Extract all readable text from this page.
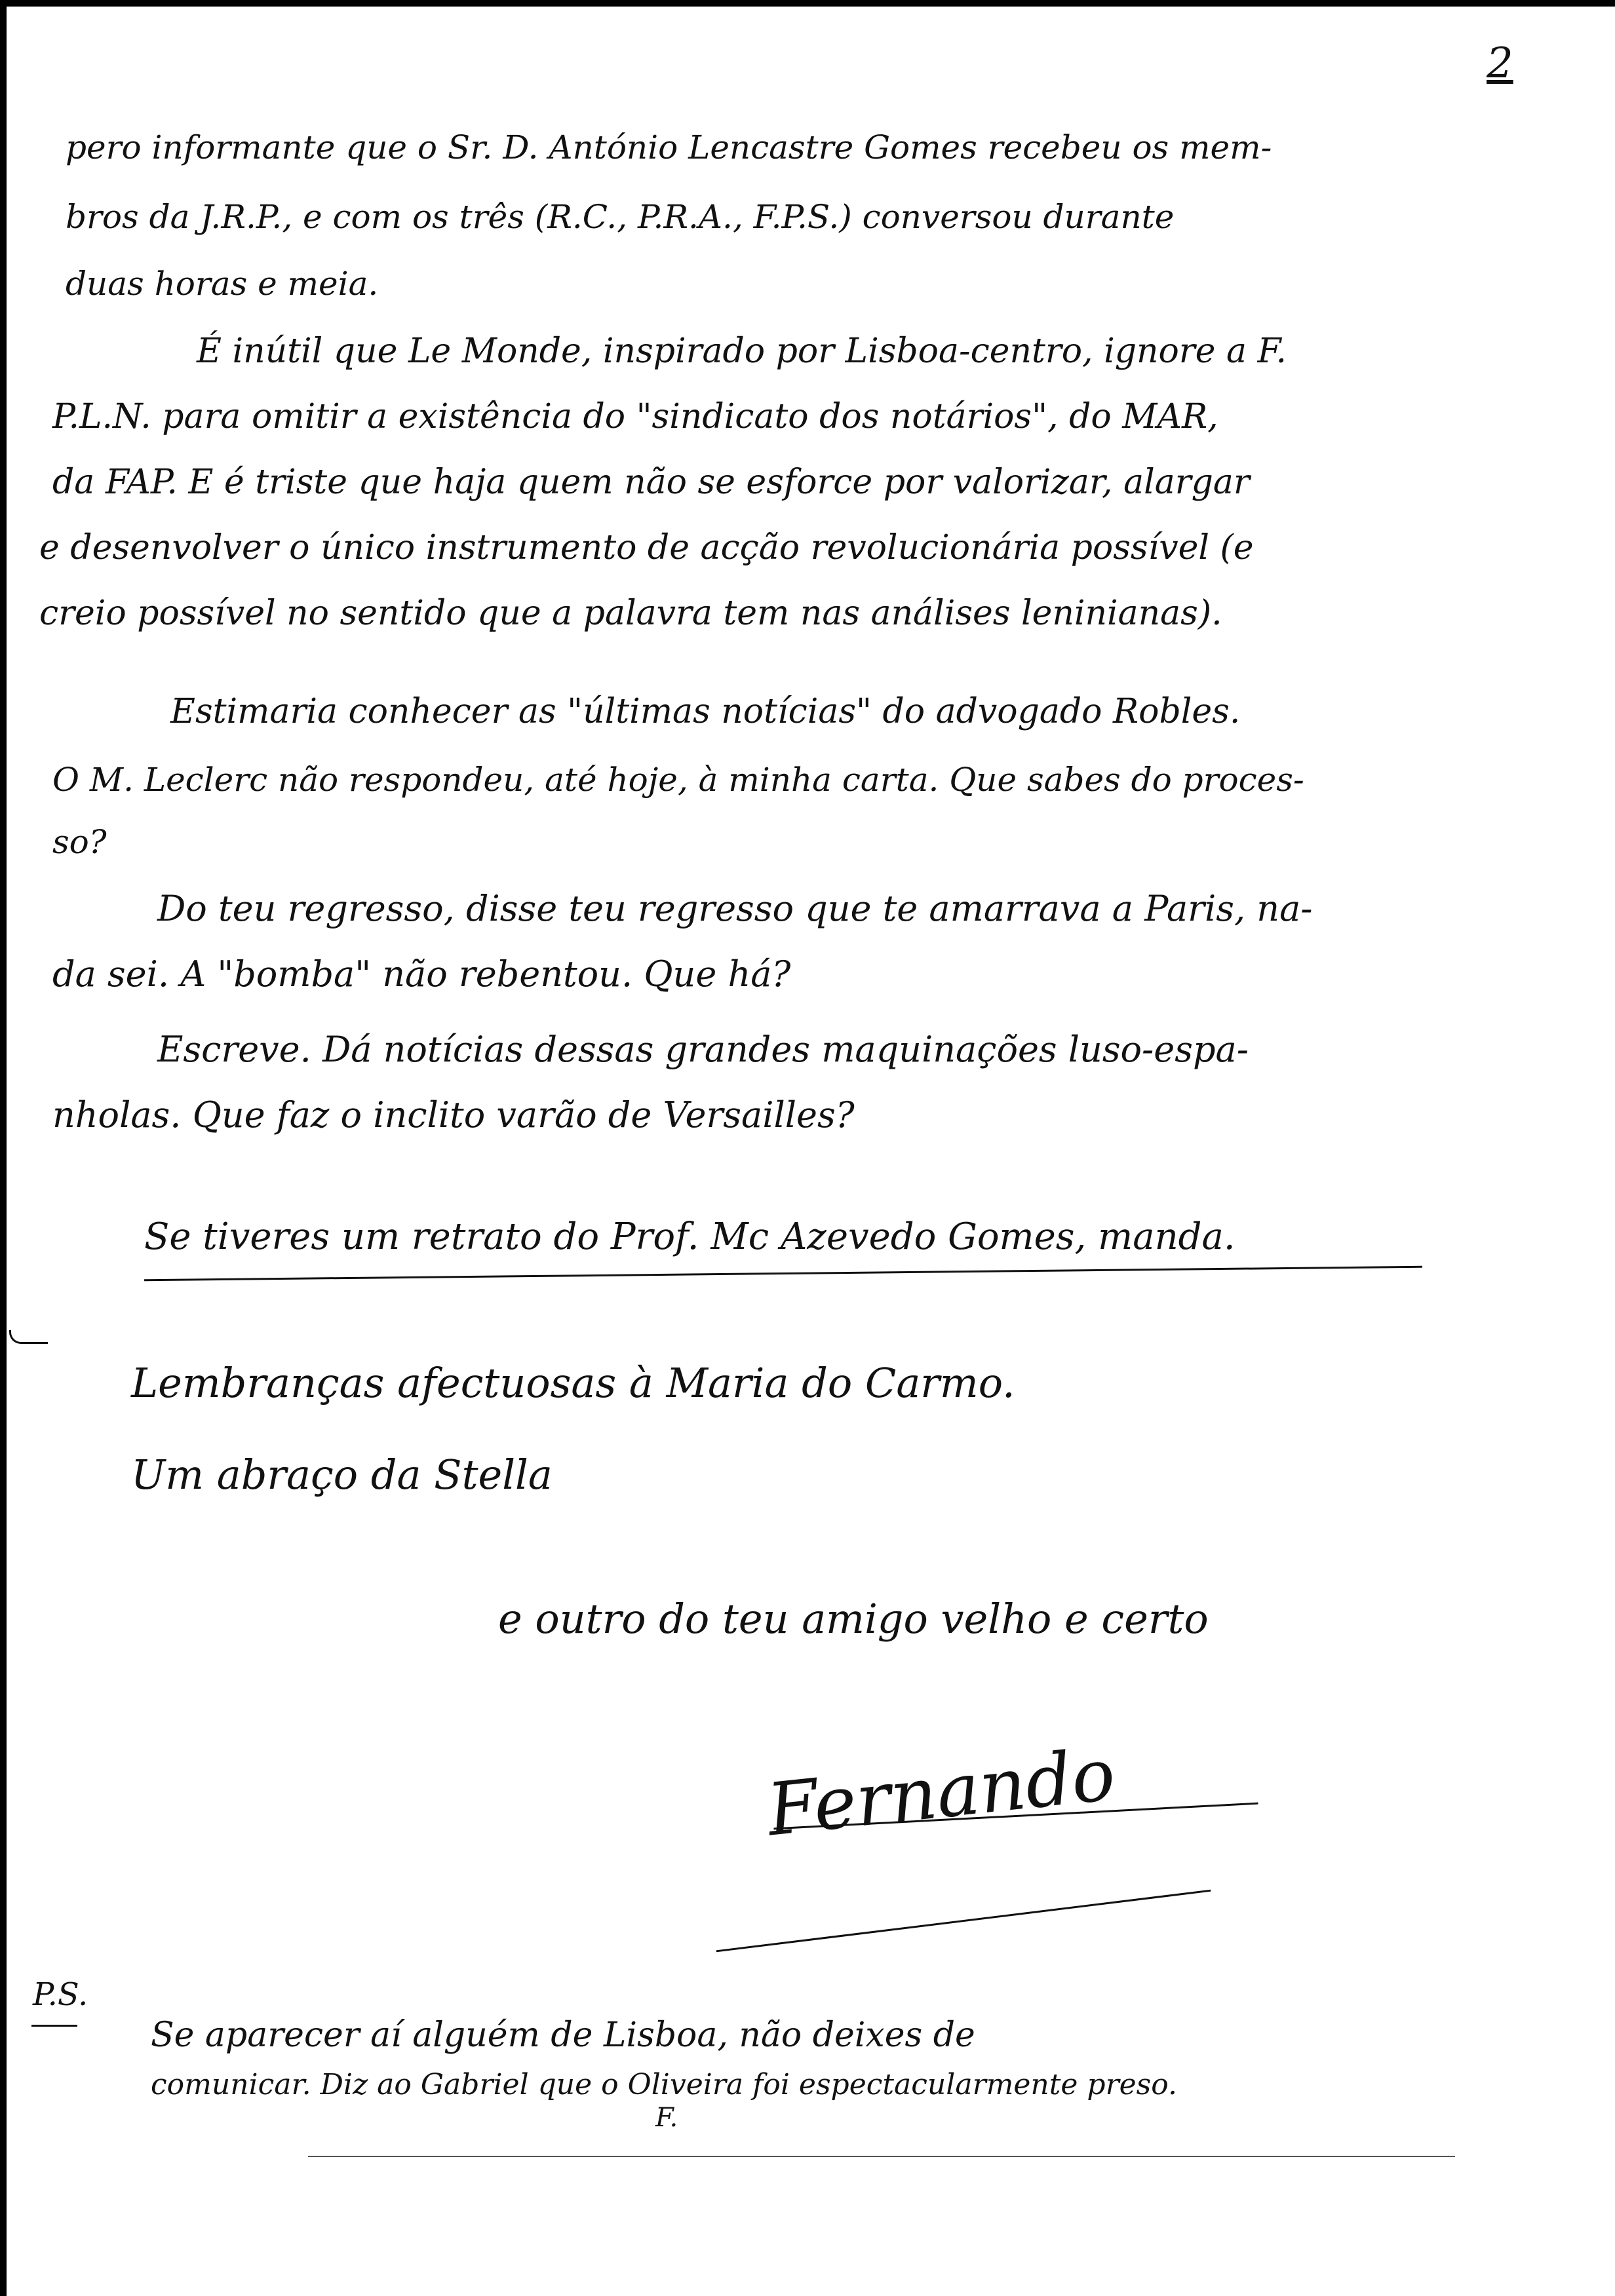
2
pero informante que o Sr. D. António Lencastre Gomes recebeu os mem-
bros da J.R.P., e com os três (R.C., P.R.A., F.P.S.) conversou durante
duas horas e meia.
É inútil que Le Monde, inspirado por Lisboa-centro, ignore a F.
P.L.N. para omitir a existência do "sindicato dos notários", do MAR,
da FAP. E é triste que haja quem não se esforce por valorizar, alargar
e desenvolver o único instrumento de acção revolucionária possível (e
creio possível no sentido que a palavra tem nas análises leninianas).
Estimaria conhecer as "últimas notícias" do advogado Robles.
O M. Leclerc não respondeu, até hoje, à minha carta. Que sabes do proces-
so?
Do teu regresso, disse teu regresso que te amarrava a Paris, na-
da sei. A "bomba" não rebentou. Que há?
Escreve. Dá notícias dessas grandes maquinações luso-espa-
nholas. Que faz o inclito varão de Versailles?
Se tiveres um retrato do Prof. Mc Azevedo Gomes, manda.
Lembranças afectuosas à Maria do Carmo.
Um abraço da Stella
e outro do teu amigo velho e certo
Fernando
P.S.
Se aparecer aí alguém de Lisboa, não deixes de
comunicar. Diz ao Gabriel que o Oliveira foi espectacularmente preso.
F.
